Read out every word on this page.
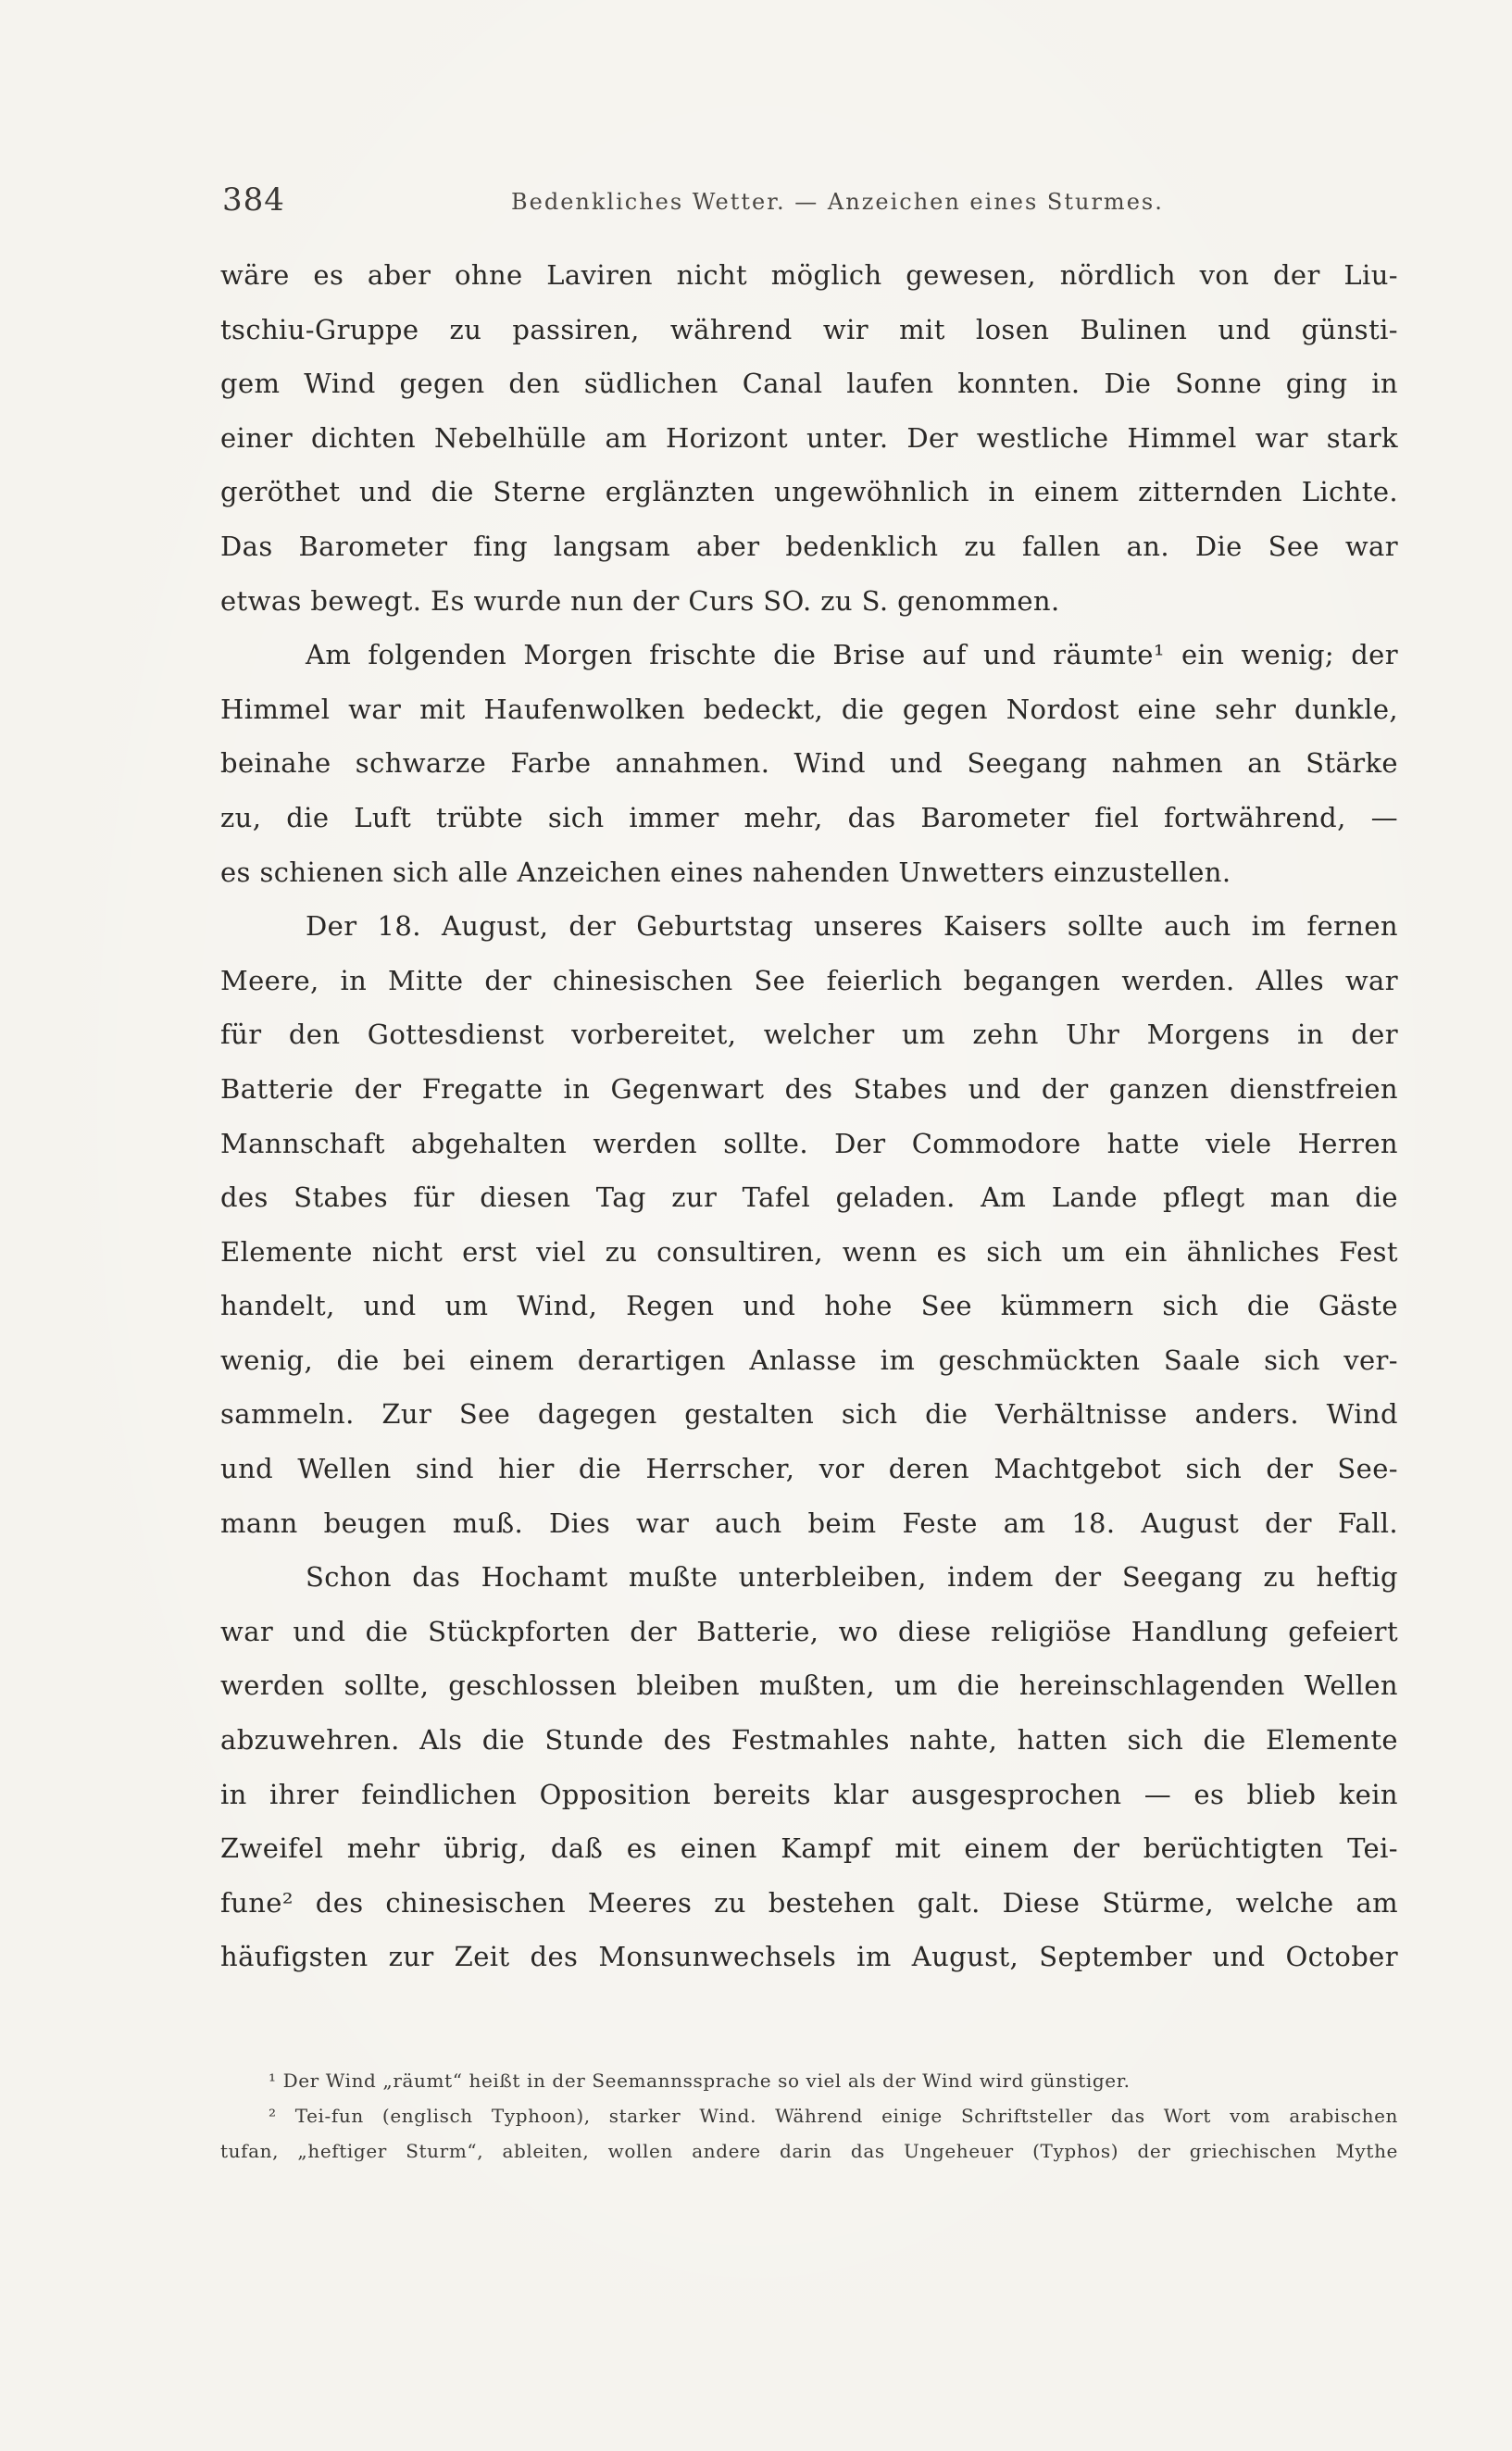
384	Bedenkliches Wetter. — Anzeichen eines Sturmes.
wäre es aber ohne Laviren nicht möglich gewesen, nördlich von der Liu-
tschiu-Gruppe zu passiren, während wir mit losen Bulinen und günsti-
gem Wind gegen den südlichen Canal laufen konnten. Die Sonne ging in
einer dichten Nebelhülle am Horizont unter. Der westliche Himmel war stark
geröthet und die Sterne erglänzten ungewöhnlich in einem zitternden Lichte.
Das Barometer fing langsam aber bedenklich zu fallen an. Die See war
etwas bewegt. Es wurde nun der Curs SO. zu S. genommen.
Am folgenden Morgen frischte die Brise auf und räumte¹ ein wenig; der
Himmel war mit Haufenwolken bedeckt, die gegen Nordost eine sehr dunkle,
beinahe schwarze Farbe annahmen. Wind und Seegang nahmen an Stärke
zu, die Luft trübte sich immer mehr, das Barometer fiel fortwährend, —
es schienen sich alle Anzeichen eines nahenden Unwetters einzustellen.
Der 18. August, der Geburtstag unseres Kaisers sollte auch im fernen
Meere, in Mitte der chinesischen See feierlich begangen werden. Alles war
für den Gottesdienst vorbereitet, welcher um zehn Uhr Morgens in der
Batterie der Fregatte in Gegenwart des Stabes und der ganzen dienstfreien
Mannschaft abgehalten werden sollte. Der Commodore hatte viele Herren
des Stabes für diesen Tag zur Tafel geladen. Am Lande pflegt man die
Elemente nicht erst viel zu consultiren, wenn es sich um ein ähnliches Fest
handelt, und um Wind, Regen und hohe See kümmern sich die Gäste
wenig, die bei einem derartigen Anlasse im geschmückten Saale sich ver-
sammeln. Zur See dagegen gestalten sich die Verhältnisse anders. Wind
und Wellen sind hier die Herrscher, vor deren Machtgebot sich der See-
mann beugen muß. Dies war auch beim Feste am 18. August der Fall.
Schon das Hochamt mußte unterbleiben, indem der Seegang zu heftig
war und die Stückpforten der Batterie, wo diese religiöse Handlung gefeiert
werden sollte, geschlossen bleiben mußten, um die hereinschlagenden Wellen
abzuwehren. Als die Stunde des Festmahles nahte, hatten sich die Elemente
in ihrer feindlichen Opposition bereits klar ausgesprochen — es blieb kein
Zweifel mehr übrig, daß es einen Kampf mit einem der berüchtigten Tei-
fune² des chinesischen Meeres zu bestehen galt. Diese Stürme, welche am
häufigsten zur Zeit des Monsunwechsels im August, September und October
¹ Der Wind „räumt“ heißt in der Seemannssprache so viel als der Wind wird günstiger.
² Tei-fun (englisch Typhoon), starker Wind. Während einige Schriftsteller das Wort vom arabischen
tufan, „heftiger Sturm“, ableiten, wollen andere darin das Ungeheuer (Typhos) der griechischen Mythe
